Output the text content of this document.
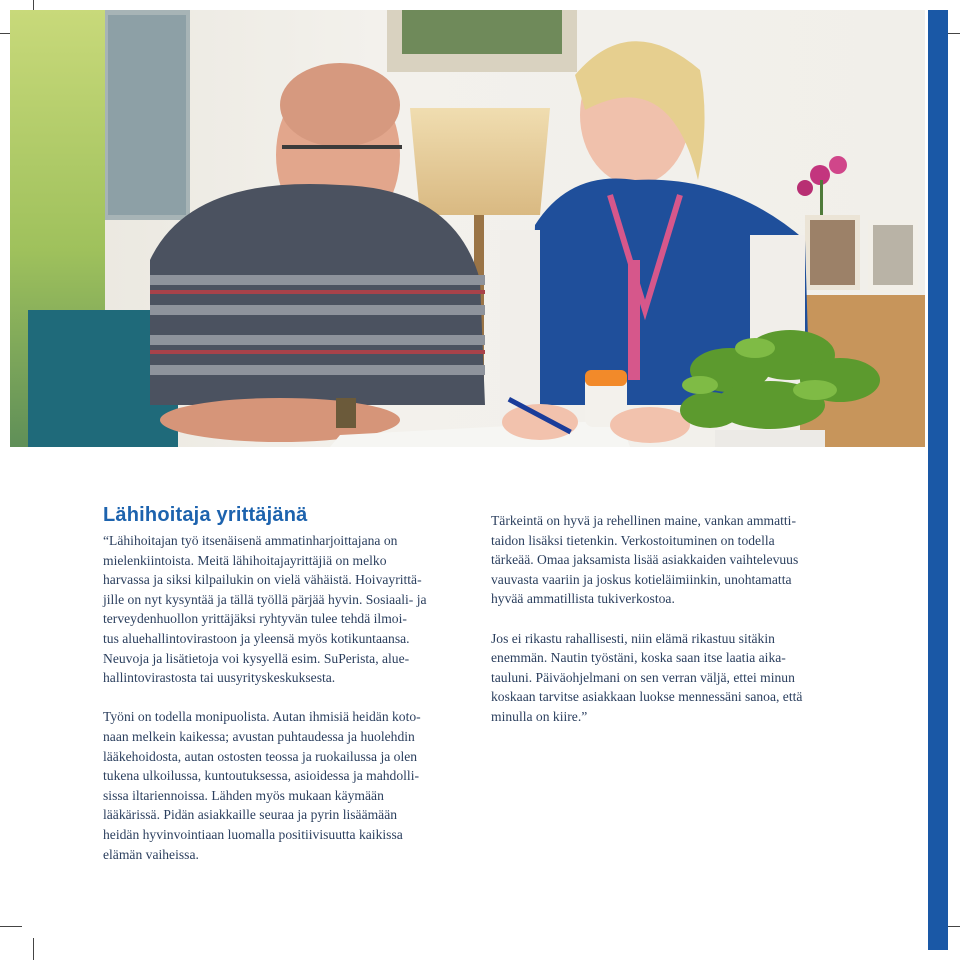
Lähihoitaja yrittäjänä

“Lähihoitajan työ itsenäisenä ammatinharjoittajana on
mielenkiintoista. Meitä lähihoitajayrittäjiä on melko
harvassa ja siksi kilpailukin on vielä vähäistä. Hoivayrittä-
jille on nyt kysyntää ja tällä työllä pärjää hyvin. Sosiaali- ja
terveydenhuollon yrittäjäksi ryhtyvän tulee tehdä ilmoi-
tus aluehallintovirastoon ja yleensä myös kotikuntaansa.
Neuvoja ja lisätietoja voi kysyellä esim. SuPerista, alue-
hallintovirastosta tai uusyrityskeskuksesta.

Työni on todella monipuolista. Autan ihmisiä heidän koto-
naan melkein kaikessa; avustan puhtaudessa ja huolehdin
lääkehoidosta, autan ostosten teossa ja ruokailussa ja olen
tukena ulkoilussa, kuntoutuksessa, asioidessa ja mahdolli-
sissa iltariennoissa. Lähden myös mukaan käymään
lääkärissä. Pidän asiakkaille seuraa ja pyrin lisäämään
heidän hyvinvointiaan luomalla positiivisuutta kaikissa
elämän vaiheissa.

Tärkeintä on hyvä ja rehellinen maine, vankan ammatti-
taidon lisäksi tietenkin. Verkostoituminen on todella
tärkeää. Omaa jaksamista lisää asiakkaiden vaihtelevuus
vauvasta vaariin ja joskus kotieläimiinkin, unohtamatta
hyvää ammatillista tukiverkostoa.

Jos ei rikastu rahallisesti, niin elämä rikastuu sitäkin
enemmän. Nautin työstäni, koska saan itse laatia aika-
tauluni. Päiväohjelmani on sen verran väljä, ettei minun
koskaan tarvitse asiakkaan luokse mennessäni sanoa, että
minulla on kiire.”
